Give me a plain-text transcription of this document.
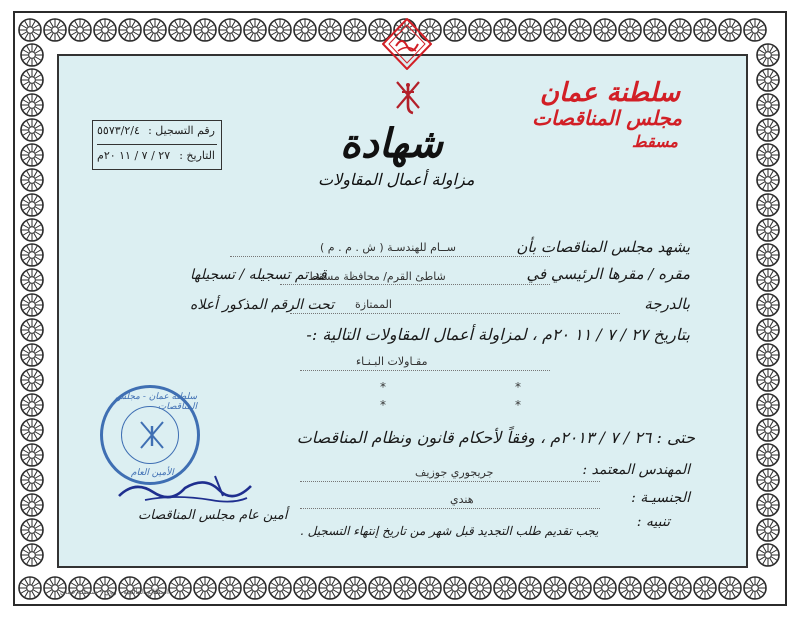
سلطنة عمان
مجلس المناقصات
مسقط
شهادة
مزاولة أعمال المقاولات
رقم التسجيل :
٥٥٧٣/٢/٤
التاريخ :
٢٧ / ٧ / ١١ ٢٠م
يشهد مجلس المناقصات بأن
ســام للهندسـة ( ش . م . م )
مقره / مقرها الرئيسي في
شاطئ القرم/ محافظة مسقط
قد تم تسجيله / تسجيلها
بالدرجة
الممتازة
تحت الرقم المذكور أعلاه
بتاريخ ٢٧ / ٧ / ١١ ٢٠م ، لمزاولة أعمال المقاولات التالية :-
مقـاولات البـنـاء
*	*
*	*
حتى : ٢٦ / ٧ / ٢٠١٣م ، وفقاً لأحكام قانون ونظام المناقصات
المهندس المعتمد :
جريجوري جوزيف
الجنسيـة :
هندي
تنبيه :
يجب تقديم طلب التجديد قبل شهر من تاريخ إنتهاء التسجيل .
سلطنة عمان - مجلس المناقصات
الأمين العام
أمين عام مجلس المناقصات
المطابع العالمية - روي - سلطنة عمان
